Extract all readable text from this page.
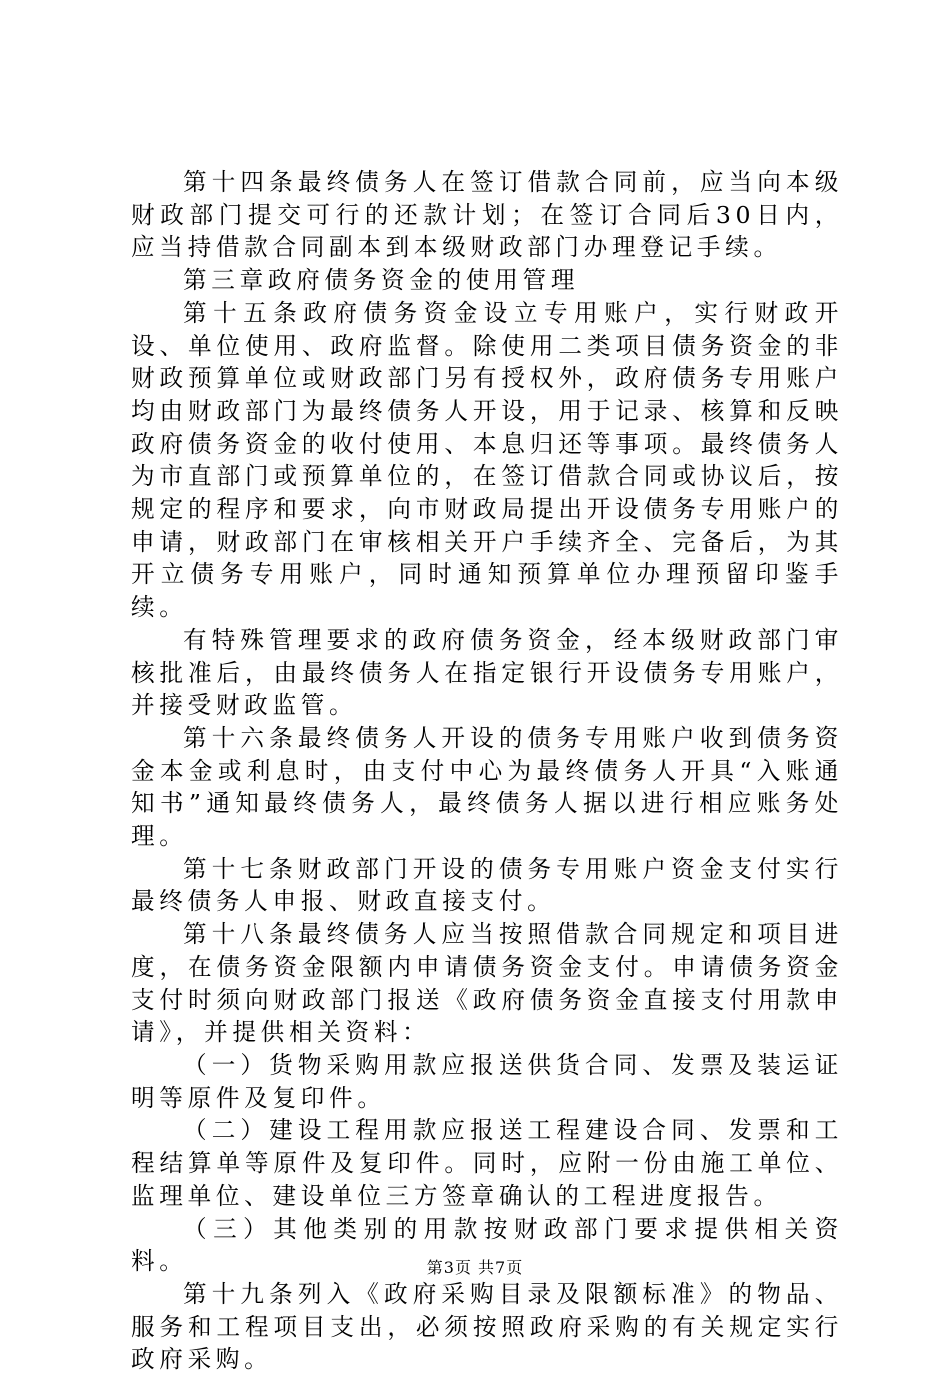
第十四条最终债务人在签订借款合同前，应当向本级财政部门提交可行的还款计划；在签订合同后30日内，应当持借款合同副本到本级财政部门办理登记手续。

第三章政府债务资金的使用管理

第十五条政府债务资金设立专用账户，实行财政开设、单位使用、政府监督。除使用二类项目债务资金的非财政预算单位或财政部门另有授权外，政府债务专用账户均由财政部门为最终债务人开设，用于记录、核算和反映政府债务资金的收付使用、本息归还等事项。最终债务人为市直部门或预算单位的，在签订借款合同或协议后，按规定的程序和要求，向市财政局提出开设债务专用账户的申请，财政部门在审核相关开户手续齐全、完备后，为其开立债务专用账户，同时通知预算单位办理预留印鉴手续。

有特殊管理要求的政府债务资金，经本级财政部门审核批准后，由最终债务人在指定银行开设债务专用账户，并接受财政监管。

第十六条最终债务人开设的债务专用账户收到债务资金本金或利息时，由支付中心为最终债务人开具“入账通知书”通知最终债务人，最终债务人据以进行相应账务处理。

第十七条财政部门开设的债务专用账户资金支付实行最终债务人申报、财政直接支付。

第十八条最终债务人应当按照借款合同规定和项目进度，在债务资金限额内申请债务资金支付。申请债务资金支付时须向财政部门报送《政府债务资金直接支付用款申请》，并提供相关资料：

（一）货物采购用款应报送供货合同、发票及装运证明等原件及复印件。

（二）建设工程用款应报送工程建设合同、发票和工程结算单等原件及复印件。同时，应附一份由施工单位、监理单位、建设单位三方签章确认的工程进度报告。

（三）其他类别的用款按财政部门要求提供相关资料。

第十九条列入《政府采购目录及限额标准》的物品、服务和工程项目支出，必须按照政府采购的有关规定实行政府采购。

第3页 共7页
